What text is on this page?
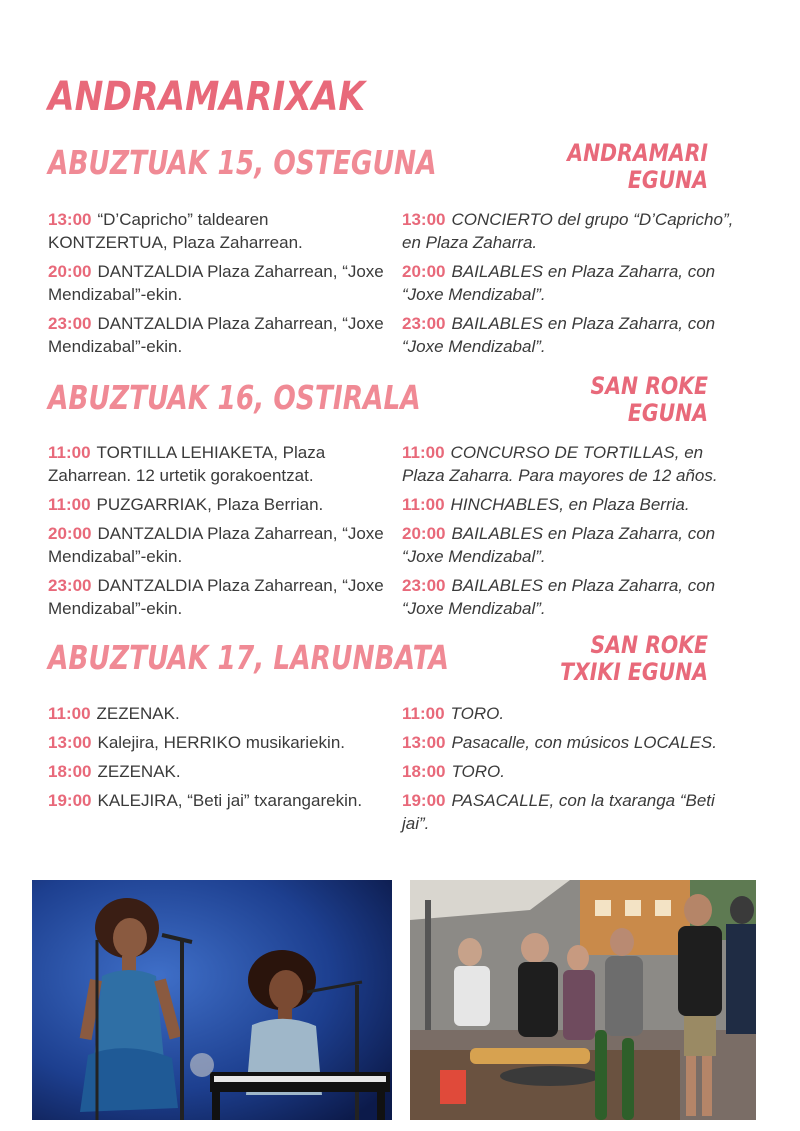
ANDRAMARIXAK
ABUZTUAK 15, OSTEGUNA	ANDRAMARI
EGUNA

13:00 “D’Capricho” taldearen KONTZERTUA, Plaza Zaharrean.

20:00 DANTZALDIA Plaza Zaharrean, “Joxe Mendizabal”-ekin.

23:00 DANTZALDIA Plaza Zaharrean, “Joxe Mendizabal”-ekin.

13:00 CONCIERTO del grupo “D’Capricho”, en Plaza Zaharra.

20:00 BAILABLES en Plaza Zaharra, con “Joxe Mendizabal”.

23:00 BAILABLES en Plaza Zaharra, con “Joxe Mendizabal”.

ABUZTUAK 16, OSTIRALA	SAN ROKE
EGUNA

11:00 TORTILLA LEHIAKETA, Plaza Zaharrean. 12 urtetik gorakoentzat.

11:00 PUZGARRIAK, Plaza Berrian.

20:00 DANTZALDIA Plaza Zaharrean, “Joxe Mendizabal”-ekin.

23:00 DANTZALDIA Plaza Zaharrean, “Joxe Mendizabal”-ekin.

11:00 CONCURSO DE TORTILLAS, en Plaza Zaharra. Para mayores de 12 años.

11:00 HINCHABLES, en Plaza Berria.

20:00 BAILABLES en Plaza Zaharra, con “Joxe Mendizabal”.

23:00 BAILABLES en Plaza Zaharra, con “Joxe Mendizabal”.

ABUZTUAK 17, LARUNBATA	SAN ROKE
TXIKI EGUNA

11:00 ZEZENAK.

13:00 Kalejira, HERRIKO musikariekin.

18:00 ZEZENAK.

19:00 KALEJIRA, “Beti jai” txarangarekin.

11:00 TORO.

13:00 Pasacalle, con músicos LOCALES.

18:00 TORO.

19:00 PASACALLE, con la txaranga “Beti jai”.
